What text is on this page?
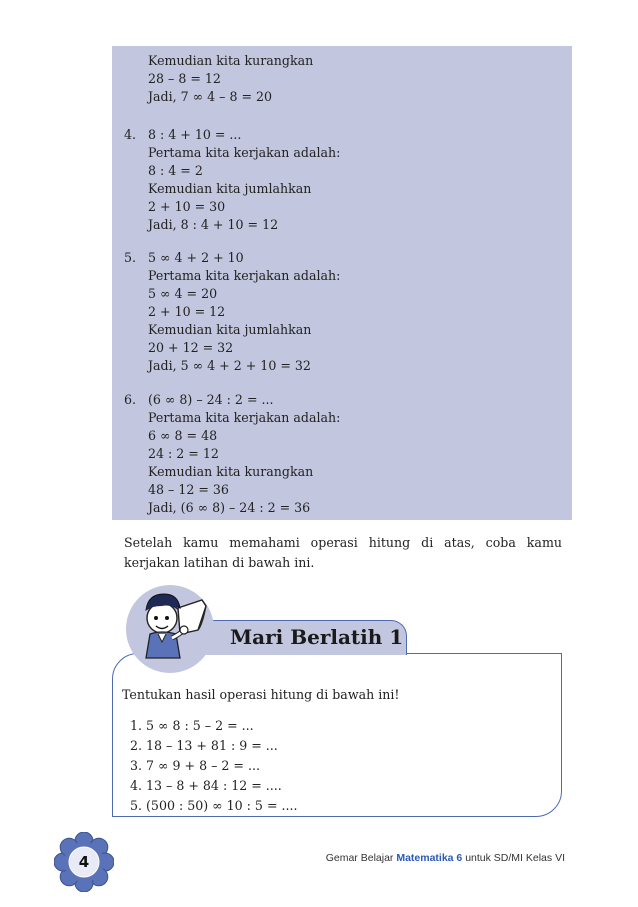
Kemudian kita kurangkan
28 – 8 = 12
Jadi, 7 ∞ 4 – 8 = 20
4. 8 : 4 + 10 = ...
Pertama kita kerjakan adalah:
8 : 4 = 2
Kemudian kita jumlahkan
2 + 10 = 30
Jadi, 8 : 4 + 10 = 12
5. 5 ∞ 4 + 2 + 10
Pertama kita kerjakan adalah:
5 ∞ 4 = 20
2 + 10 = 12
Kemudian kita jumlahkan
20 + 12 = 32
Jadi, 5 ∞ 4 + 2 + 10 = 32
6. (6 ∞ 8) – 24 : 2 = ...
Pertama kita kerjakan adalah:
6 ∞ 8 = 48
24 : 2 = 12
Kemudian kita kurangkan
48 – 12 = 36
Jadi, (6 ∞ 8) – 24 : 2 = 36
Setelah kamu memahami operasi hitung di atas, coba kamu kerjakan latihan di bawah ini.
Mari Berlatih 1
Tentukan hasil operasi hitung di bawah ini!
1. 5 ∞ 8 : 5 – 2 = ...
2. 18 – 13 + 81 : 9 = ...
3. 7 ∞ 9 + 8 – 2 = ...
4. 13 – 8 + 84 : 12 = ....
5. (500 : 50) ∞ 10 : 5 = ....
4	Gemar Belajar Matematika 6 untuk SD/MI Kelas VI
